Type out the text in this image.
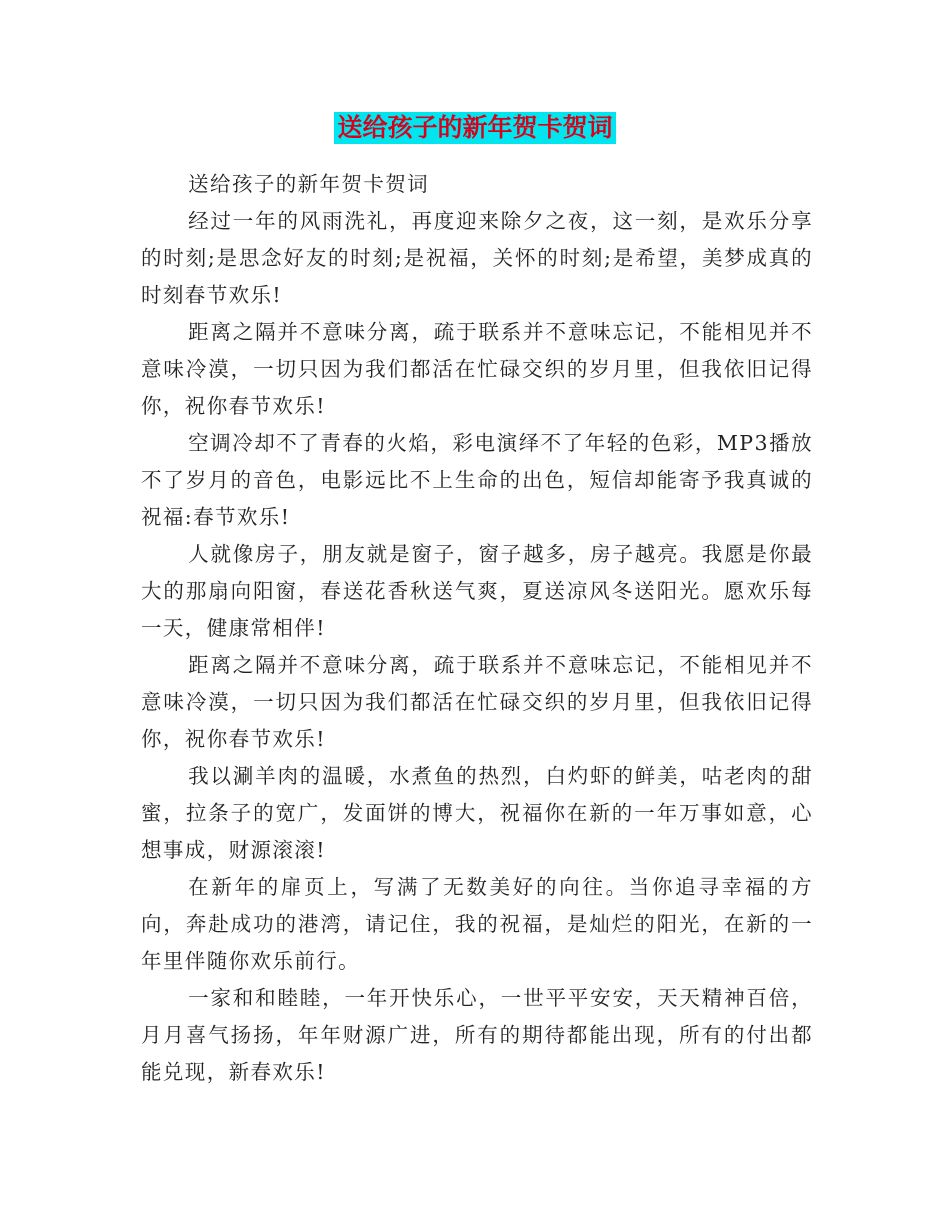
送给孩子的新年贺卡贺词

送给孩子的新年贺卡贺词

经过一年的风雨洗礼，再度迎来除夕之夜，这一刻，是欢乐分享的时刻;是思念好友的时刻;是祝福，关怀的时刻;是希望，美梦成真的时刻春节欢乐!

距离之隔并不意味分离，疏于联系并不意味忘记，不能相见并不意味冷漠，一切只因为我们都活在忙碌交织的岁月里，但我依旧记得你，祝你春节欢乐!

空调冷却不了青春的火焰，彩电演绎不了年轻的色彩，MP3播放不了岁月的音色，电影远比不上生命的出色，短信却能寄予我真诚的祝福:春节欢乐!

人就像房子，朋友就是窗子，窗子越多，房子越亮。我愿是你最大的那扇向阳窗，春送花香秋送气爽，夏送凉风冬送阳光。愿欢乐每一天，健康常相伴!

距离之隔并不意味分离，疏于联系并不意味忘记，不能相见并不意味冷漠，一切只因为我们都活在忙碌交织的岁月里，但我依旧记得你，祝你春节欢乐!

我以涮羊肉的温暖，水煮鱼的热烈，白灼虾的鲜美，咕老肉的甜蜜，拉条子的宽广，发面饼的博大，祝福你在新的一年万事如意，心想事成，财源滚滚!

在新年的扉页上，写满了无数美好的向往。当你追寻幸福的方向，奔赴成功的港湾，请记住，我的祝福，是灿烂的阳光，在新的一年里伴随你欢乐前行。

一家和和睦睦，一年开快乐心，一世平平安安，天天精神百倍，月月喜气扬扬，年年财源广进，所有的期待都能出现，所有的付出都能兑现，新春欢乐!
